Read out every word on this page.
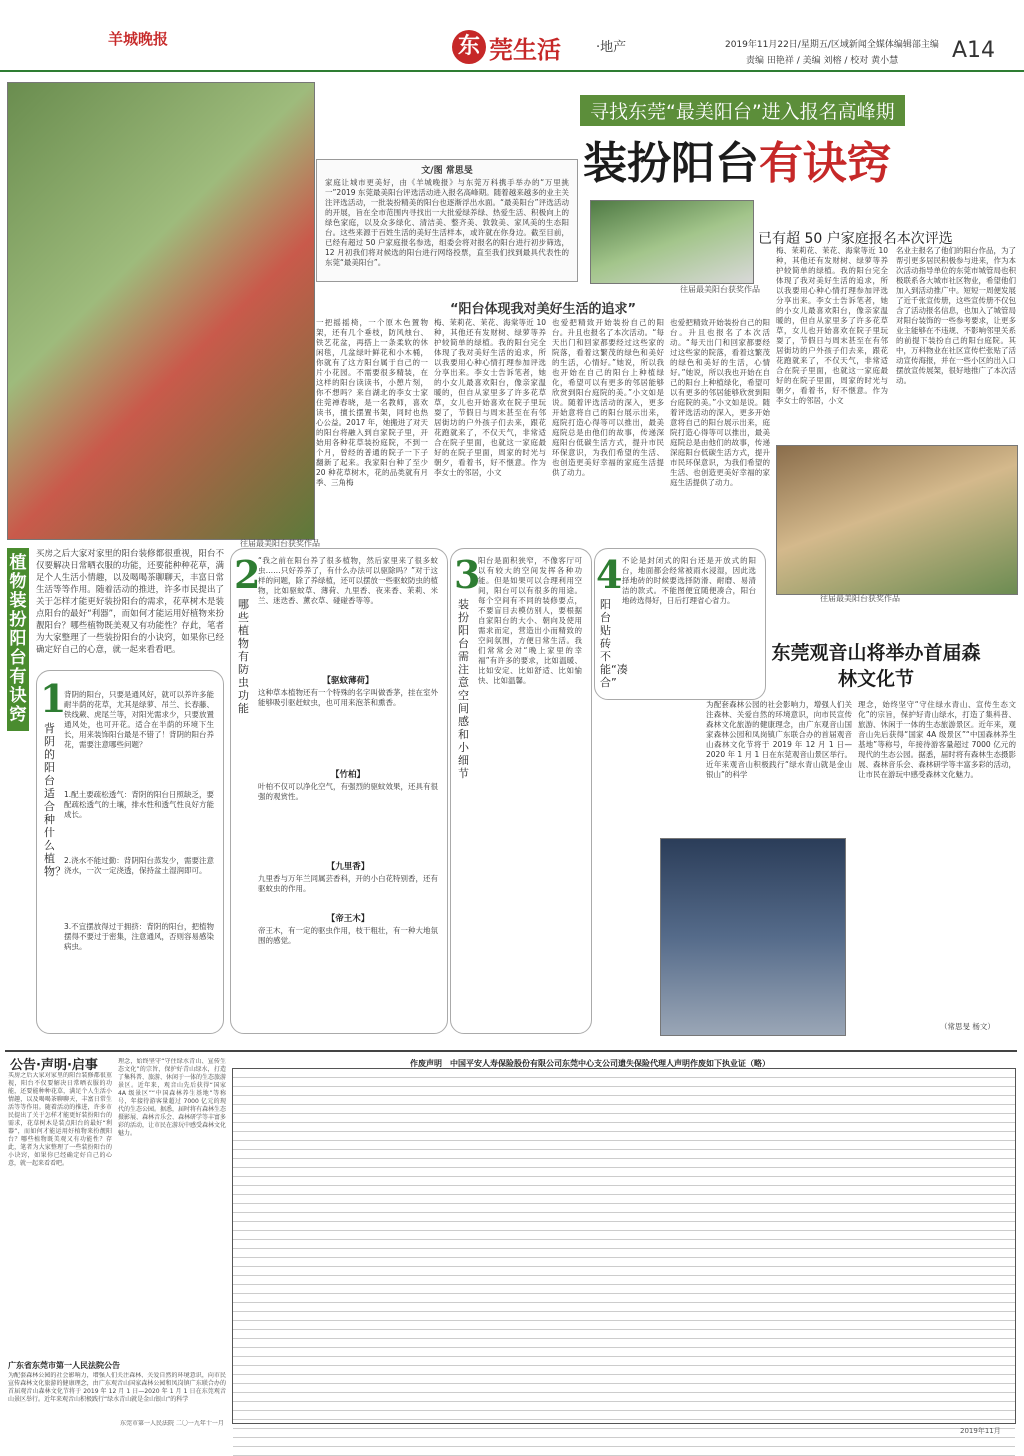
羊城晚报	东 莞生活	·地产	2019年11月22日/星期五/区域新闻全媒体编辑部主编
责编 田艳祥 / 美编 刘榕 / 校对 黄小慧 A14
往届最美阳台获奖作品
往届最美阳台获奖作品
往届最美阳台获奖作品
寻找东莞“最美阳台”进入报名高峰期
装扮阳台有诀窍
已有超 50 户家庭报名本次评选
文/图 常思旻
家庭让城市更美好，由《羊城晚报》与东莞万科携手举办的“万里挑一”2019 东莞最美阳台评选活动进入报名高峰期。随着越来越多的业主关注评选活动，一批装扮精美的阳台也逐渐浮出水面。“最美阳台”评选活动的开展，旨在全市范围内寻找出一大批爱绿养绿、热爱生活、积极向上的绿色家庭，以及众多绿化、清洁美、整齐美、敦敦美、家风美的生态阳台。这些来源于百姓生活的美好生活样本，或许就在你身边。截至目前，已经有超过 50 户家庭报名参选，组委会将对报名的阳台进行初步筛选，12 月初我们将对候选的阳台进行网络投票，直至我们找到最具代表性的东莞“最美阳台”。
“阳台体现我对美好生活的追求”
一把摇摇椅，一个原木色置物架，还有几个垂枝，防风烛台、铁艺花盆，再搭上一条柔软的休闲毯，几盆绿叶鲜花和小木桶，你就有了这方阳台属于自己的一片小花园。不需要很多精装，在这样的阳台读读书，小憩片刻，你不想吗？来自湖北的李女士家住莞禅春晓，是一名教师，喜欢读书，擅长摆置书架，同时也热心公益。2017 年，她搬进了对天的阳台将融入到自家院子里，开始用各种花草装扮庭院，不到一个月，曾经的普通的院子一下子翻新了起来。我家阳台种了至少 20 种花草树木，花的品类就有月季、三角梅
梅、茉莉花、茉花、海棠等近 10 种，其他还有发财树、绿萝等养护较简单的绿植。我的阳台完全体现了我对美好生活的追求，所以我要用心种心情打理参加评选分享出来。李女士告诉笔者，她的小女儿最喜欢阳台，像亲家温暖的，但自从家里多了许多花草草，女儿也开始喜欢在院子里玩耍了，节假日与周末甚至在有邻居街坊的户外孩子们去来，跟花花跑就来了，不仅天气，非常适合在院子里面，也就这一家庭最好的在院子里面，周家的时光与朝夕，看着书，好不惬意。作为李女士的邻居，小文
也爱把精致开始装扮自己的阳台。升且也报名了本次活动。“每天出门和回家都要经过这些家的院落，看着这繁茂的绿色和美好的生活，心情好。”她说，所以我也开始在自己的阳台上种植绿化，希望可以有更多的邻居能够欣赏到阳台庭院的美。”小文如是说。随着评选活动的深入，更多开始意将自己的阳台展示出来，庭院打造心得等可以推出，最美庭院总是由他们的故事，传递深庭阳台低碳生活方式，提升市民环保意识，为我们希望的生活、也创造更美好幸福的家庭生活提供了动力。
也爱把精致开始装扮自己的阳台。升且也报名了本次活动。“每天出门和回家都要经过这些家的院落，看着这繁茂的绿色和美好的生活，心情好。”她说，所以我也开始在自己的阳台上种植绿化，希望可以有更多的邻居能够欣赏到阳台庭院的美。”小文如是说。随着评选活动的深入，更多开始意将自己的阳台展示出来，庭院打造心得等可以推出，最美庭院总是由他们的故事，传递深庭阳台低碳生活方式，提升市民环保意识，为我们希望的生活、也创造更美好幸福的家庭生活提供了动力。
名业主报名了他们的阳台作品，为了帮引更多居民积极参与进来，作为本次活动指导单位的东莞市城管局也积极联系各大城市社区物业，希望他们加入到活动推广中。短短一周便发展了近千张宣传册，这些宣传册不仅包含了活动报名信息，也加入了城管局对阳台装饰的一些参考要求，让更多业主能够在不违规、不影响邻里关系的前提下装扮自己的阳台庭院。其中，万科物业在社区宣传栏张贴了活动宣传海报，并在一些小区的出入口摆放宣传展架，很好地推广了本次活动。
梅、茉莉花、茉花、海棠等近 10 种，其他还有发财树、绿萝等养护较简单的绿植。我的阳台完全体现了我对美好生活的追求，所以我要用心种心情打理参加评选分享出来。李女士告诉笔者，她的小女儿最喜欢阳台，像亲家温暖的，但自从家里多了许多花草草，女儿也开始喜欢在院子里玩耍了，节假日与周末甚至在有邻居街坊的户外孩子们去来，跟花花跑就来了，不仅天气，非常适合在院子里面，也就这一家庭最好的在院子里面，周家的时光与朝夕，看着书，好不惬意。作为李女士的邻居，小文
植物装扮阳台有诀窍
买房之后大家对家里的阳台装修都很重视，阳台不仅要解决日常晒衣服的功能，还要能种种花草，满足个人生活小情趣，以及喝喝茶聊聊天，丰富日常生活等等作用。随着活动的推进，许多市民提出了关于怎样才能更好装扮阳台的需求，花草树木是装点阳台的最好“利器”，而如何才能运用好植物来扮靓阳台？哪些植物既美观又有功能性？存此，笔者为大家整理了一些装扮阳台的小诀窍，如果你已经确定好自己的心意，就一起来看看吧。
1
背阴的阳台适合种什么植物？
背阴的阳台，只要是通风好，就可以养许多能耐半荫的花草，尤其是绿萝、吊兰、长春藤、铁线蕨、虎尾兰等，对阳光需求少，只要放置通风处，也可开花。适合在半荫的环境下生长，用来装饰阳台最是不错了！背阴的阳台养花，需要注意哪些问题？
1.配土要疏松透气：背阴的阳台日照缺乏，要配疏松透气的土壤，排水性和透气性良好方能成长。
2.浇水不能过勤：背阴阳台蒸发少，需要注意浇水，一次一定浇透，保持盆土湿润即可。
3.不宜摆放得过于拥挤：背阴的阳台，把植物摆得不要过于密集，注意通风，否则容易感染病虫。
2
哪些植物有防虫功能
“我之前在阳台养了很多植物，然后家里来了很多蚊虫……只好养养了，有什么办法可以驱除吗？”对于这样的问题，除了养绿植，还可以摆放一些驱蚊防虫的植物，比如驱蚊草、薄荷、九里香、夜来香、茉莉、米兰、迷迭香、薰衣草、碰碰香等等。
【驱蚊薄荷】
这种草本植物还有一个特殊的名字叫做香茅，挂在室外能够吸引驱赶蚊虫，也可用来泡茶和熏香。
【竹柏】
叶柏不仅可以净化空气，有强烈的驱蚊效果，还具有很强的观赏性。
【九里香】
九里香与万年兰同属芸香科，开的小白花特别香，还有驱蚊虫的作用。
【帝王木】
帝王木，有一定的驱虫作用，枝干粗壮，有一种大地氛围的感觉。
3
装扮阳台需注意空间感和小细节
阳台是面积狭窄，不像客厅可以有较大的空间发挥各种功能。但是如果可以合理利用空间，阳台可以有很多的用途。每个空间有不同的装修要点，不要盲目去模仿别人，要根据自家阳台的大小、朝向及使用需求而定，营造出小而精致的空间氛围，方便日常生活。我们常常会对“晚上家里的幸福”有许多的要求，比如温暖、比如安定、比如舒适、比如愉快、比如温馨。
4
阳台贴砖不能“凑合”
不论是封闭式的阳台还是开放式的阳台，地面都会经常被雨水浸湿，因此选择地砖的时候要选择防滑、耐磨、易清洁的款式。不能图便宜随便凑合，阳台地砖选得好，日后打理省心省力。
东莞观音山将举办首届森林文化节
为配套森林公园的社会影响力，增强人们关注森林、关爱自然的环境意识，向市民宣传森林文化旅游的健康理念，由广东观音山国家森林公园和凤岗镇广东联合办的首届观音山森林文化节将于 2019 年 12 月 1 日—2020 年 1 月 1 日在东莞观音山景区举行。近年来观音山积极践行“绿水青山就是金山银山”的科学
理念，始终坚守“守住绿水青山、宣传生态文化”的宗旨，保护好青山绿水，打造了集科普、旅游、休闲于一体的生态旅游景区。近年来，观音山先后获得“国家 4A 级景区”“中国森林养生基地”等称号，年接待游客量超过 7000 亿元的现代的生态公园。据悉，届时将有森林生态摄影展、森林音乐会、森林研学等丰富多彩的活动，让市民在游玩中感受森林文化魅力。
（常思旻 杨文）
公告·声明·启事
买房之后大家对家里的阳台装修都很重视，阳台不仅要解决日常晒衣服的功能，还要能种种花草，满足个人生活小情趣，以及喝喝茶聊聊天，丰富日常生活等等作用。随着活动的推进，许多市民提出了关于怎样才能更好装扮阳台的需求，花草树木是装点阳台的最好“利器”，而如何才能运用好植物来扮靓阳台？哪些植物既美观又有功能性？存此，笔者为大家整理了一些装扮阳台的小诀窍，如果你已经确定好自己的心意，就一起来看看吧。
理念，始终坚守“守住绿水青山、宣传生态文化”的宗旨，保护好青山绿水，打造了集科普、旅游、休闲于一体的生态旅游景区。近年来，观音山先后获得“国家 4A 级景区”“中国森林养生基地”等称号，年接待游客量超过 7000 亿元的现代的生态公园。据悉，届时将有森林生态摄影展、森林音乐会、森林研学等丰富多彩的活动，让市民在游玩中感受森林文化魅力。
广东省东莞市第一人民法院公告
为配套森林公园的社会影响力，增强人们关注森林、关爱自然的环境意识，向市民宣传森林文化旅游的健康理念，由广东观音山国家森林公园和凤岗镇广东联合办的首届观音山森林文化节将于 2019 年 12 月 1 日—2020 年 1 月 1 日在东莞观音山景区举行。近年来观音山积极践行“绿水青山就是金山银山”的科学
东莞市第一人民法院 二〇一九年十一月
作废声明　中国平安人寿保险股份有限公司东莞中心支公司遗失保险代理人声明作废如下执业证（略）
2019年11月
